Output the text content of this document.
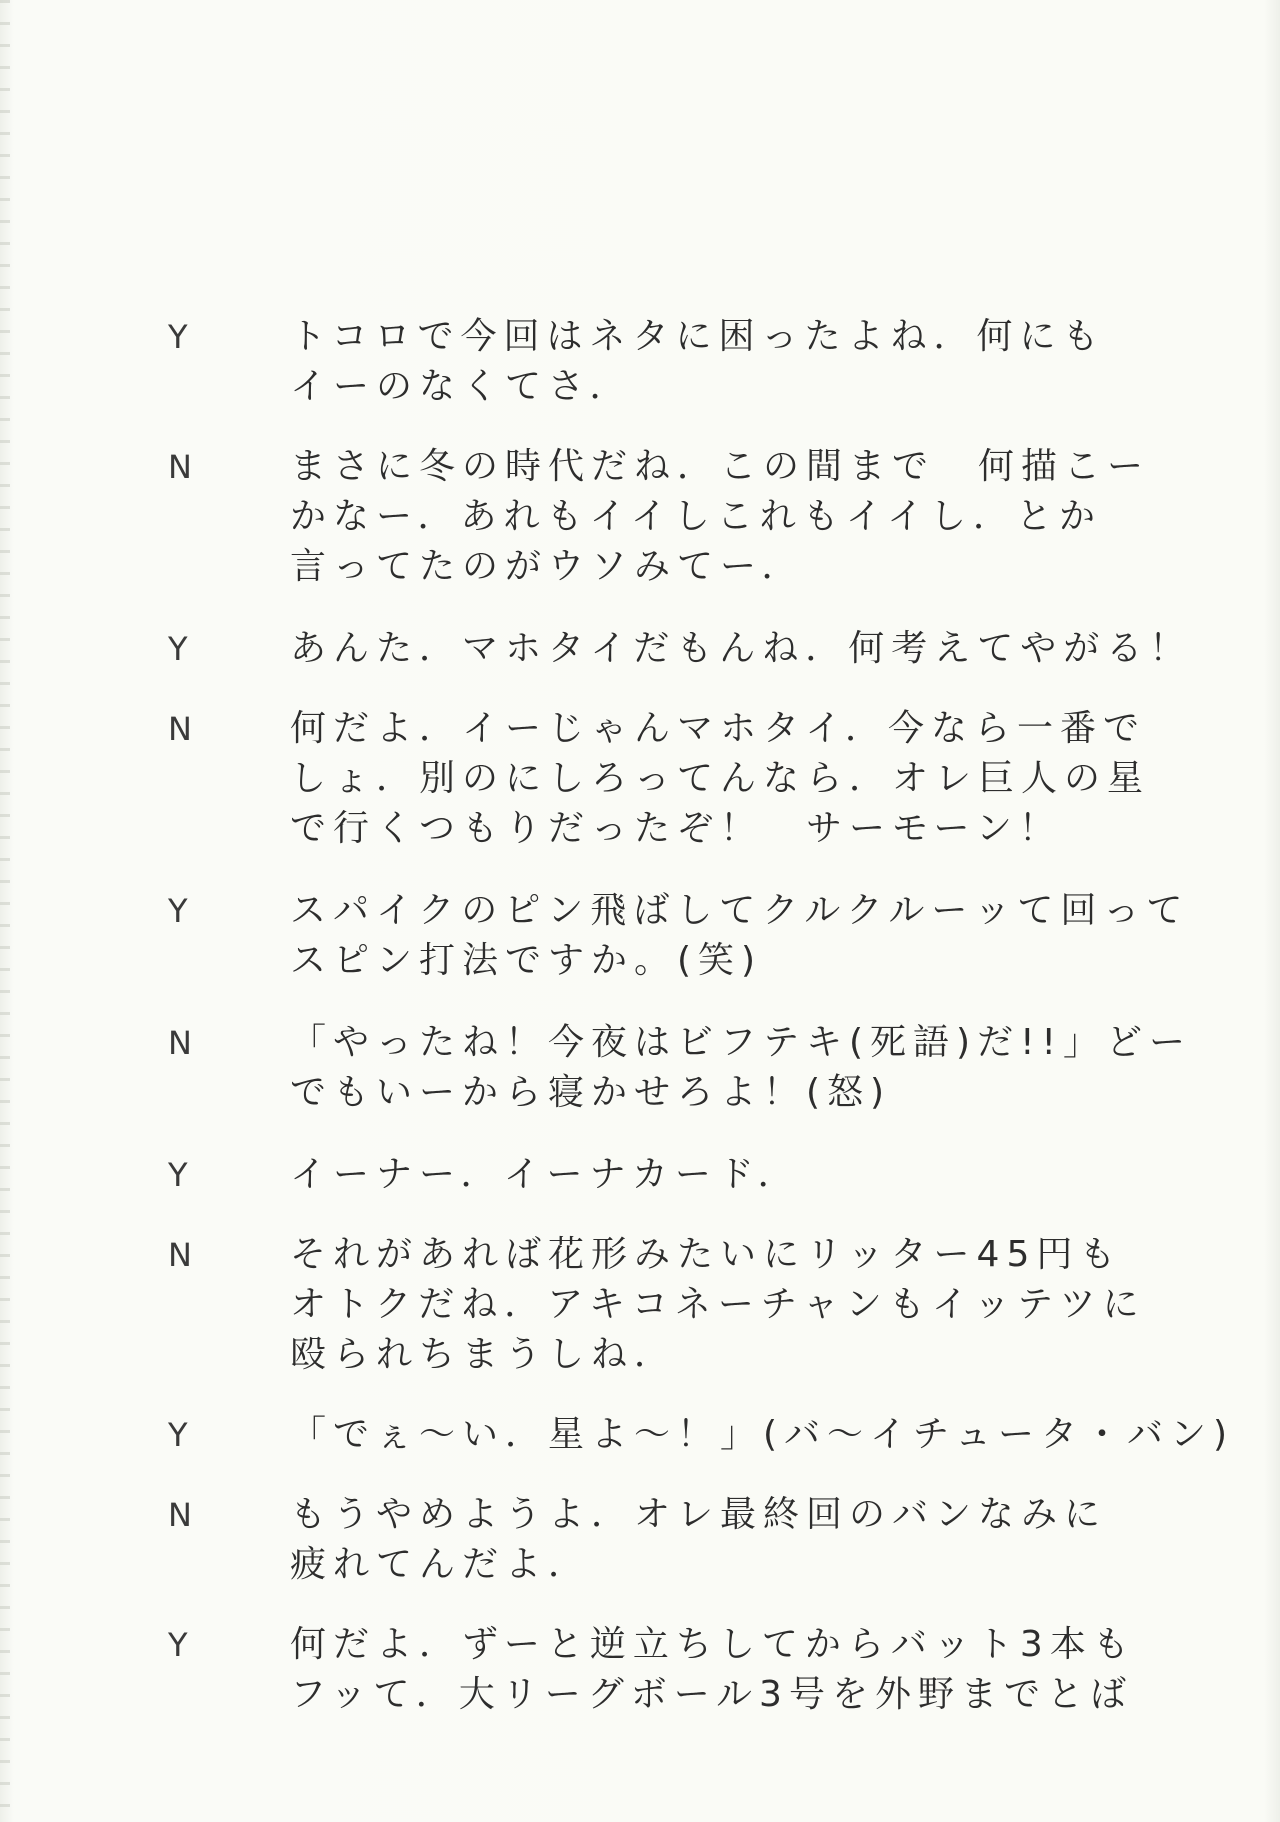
Y	トコロで今回はネタに困ったよね．何にも
イーのなくてさ．
N	まさに冬の時代だね．この間まで　何描こー
かなー．あれもイイしこれもイイし．とか
言ってたのがウソみてー．
Y	あんた．マホタイだもんね．何考えてやがる！
N	何だよ．イーじゃんマホタイ．今なら一番で
しょ．別のにしろってんなら．オレ巨人の星
で行くつもりだったぞ！　サーモーン！
Y	スパイクのピン飛ばしてクルクルーッて回って
スピン打法ですか。(笑)
N	「やったね！今夜はビフテキ(死語)だ!!」どー
でもいーから寝かせろよ！(怒)
Y	イーナー．イーナカード．
N	それがあれば花形みたいにリッター45円も
オトクだね．アキコネーチャンもイッテツに
殴られちまうしね．
Y	「でぇ〜い．星よ〜！」(バ〜イチュータ・バン)
N	もうやめようよ．オレ最終回のバンなみに
疲れてんだよ．
Y	何だよ．ずーと逆立ちしてからバット3本も
フッて．大リーグボール3号を外野までとば
